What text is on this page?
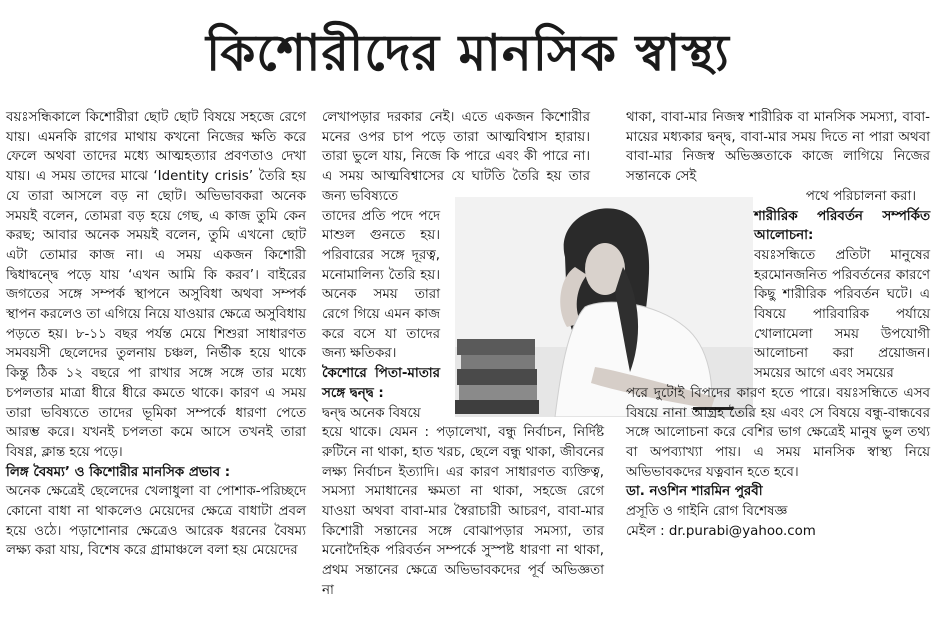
কিশোরীদের মানসিক স্বাস্থ্য

বয়ঃসন্ধিকালে কিশোরীরা ছোট ছোট বিষয়ে সহজে রেগে যায়। এমনকি রাগের মাথায় কখনো নিজের ক্ষতি করে ফেলে অথবা তাদের মধ্যে আত্মহত্যার প্রবণতাও দেখা যায়। এ সময় তাদের মাঝে ‘Identity crisis’ তৈরি হয় যে তারা আসলে বড় না ছোট। অভিভাবকরা অনেক সময়ই বলেন, তোমরা বড় হয়ে গেছ, এ কাজ তুমি কেন করছ; আবার অনেক সময়ই বলেন, তুমি এখনো ছোট এটা তোমার কাজ না। এ সময় একজন কিশোরী দ্বিধাদ্বন্দ্বে পড়ে যায় ‘এখন আমি কি করব’। বাইরের জগতের সঙ্গে সম্পর্ক স্থাপনে অসুবিধা অথবা সম্পর্ক স্থাপন করলেও তা এগিয়ে নিয়ে যাওয়ার ক্ষেত্রে অসুবিধায় পড়তে হয়। ৮-১১ বছর পর্যন্ত মেয়ে শিশুরা সাধারণত সমবয়সী ছেলেদের তুলনায় চঞ্চল, নির্ভীক হয়ে থাকে কিন্তু ঠিক ১২ বছরে পা রাখার সঙ্গে সঙ্গে তার মধ্যে চপলতার মাত্রা ধীরে ধীরে কমতে থাকে। কারণ এ সময় তারা ভবিষ্যতে তাদের ভূমিকা সম্পর্কে ধারণা পেতে আরম্ভ করে। যখনই চপলতা কমে আসে তখনই তারা বিষণ্ণ, ক্লান্ত হয়ে পড়ে।

লিঙ্গ বৈষম্য’ ও কিশোরীর মানসিক প্রভাব :

অনেক ক্ষেত্রেই ছেলেদের খেলাধুলা বা পোশাক-পরিচ্ছদে কোনো বাধা না থাকলেও মেয়েদের ক্ষেত্রে বাধাটা প্রবল হয়ে ওঠে। পড়াশোনার ক্ষেত্রেও আরেক ধরনের বৈষম্য লক্ষ্য করা যায়, বিশেষ করে গ্রামাঞ্চলে বলা হয় মেয়েদের

লেখাপড়ার দরকার নেই। এতে একজন কিশোরীর মনের ওপর চাপ পড়ে তারা আত্মবিশ্বাস হারায়। তারা ভুলে যায়, নিজে কি পারে এবং কী পারে না। এ সময় আত্মবিশ্বাসের যে ঘাটতি তৈরি হয় তার জন্য ভবিষ্যতে

তাদের প্রতি পদে পদে মাশুল গুনতে হয়। পরিবারের সঙ্গে দূরত্ব, মনোমালিন্য তৈরি হয়। অনেক সময় তারা রেগে গিয়ে এমন কাজ করে বসে যা তাদের জন্য ক্ষতিকর।

কৈশোরে পিতা-মাতার সঙ্গে দ্বন্দ্ব :

দ্বন্দ্ব অনেক বিষয়ে

হয়ে থাকে। যেমন : পড়ালেখা, বন্ধু নির্বাচন, নির্দিষ্ট রুটিনে না থাকা, হাত খরচ, ছেলে বন্ধু থাকা, জীবনের লক্ষ্য নির্বাচন ইত্যাদি। এর কারণ সাধারণত ব্যক্তিত্ব, সমস্যা সমাধানের ক্ষমতা না থাকা, সহজে রেগে যাওয়া অথবা বাবা-মার স্বৈরাচারী আচরণ, বাবা-মার কিশোরী সন্তানের সঙ্গে বোঝাপড়ার সমস্যা, তার মনোদৈহিক পরিবর্তন সম্পর্কে সুস্পষ্ট ধারণা না থাকা, প্রথম সন্তানের ক্ষেত্রে অভিভাবকদের পূর্ব অভিজ্ঞতা না

থাকা, বাবা-মার নিজস্ব শারীরিক বা মানসিক সমস্যা, বাবা-মায়ের মধ্যকার দ্বন্দ্ব, বাবা-মার সময় দিতে না পারা অথবা বাবা-মার নিজস্ব অভিজ্ঞতাকে কাজে লাগিয়ে নিজের সন্তানকে সেই

পথে পরিচালনা করা।

শারীরিক পরিবর্তন সম্পর্কিত আলোচনা:

বয়ঃসন্ধিতে প্রতিটা মানুষের হরমোনজনিত পরিবর্তনের কারণে কিছু শারীরিক পরিবর্তন ঘটে। এ বিষয়ে পারিবারিক পর্যায়ে খোলামেলা সময় উপযোগী আলোচনা করা প্রয়োজন। সময়ের আগে এবং সময়ের

পরে দুটোই বিপদের কারণ হতে পারে। বয়ঃসন্ধিতে এসব বিষয়ে নানা আগ্রহ তৈরি হয় এবং সে বিষয়ে বন্ধু-বান্ধবের সঙ্গে আলোচনা করে বেশির ভাগ ক্ষেত্রেই মানুষ ভুল তথ্য বা অপব্যাখ্যা পায়। এ সময় মানসিক স্বাস্থ্য নিয়ে অভিভাবকদের যত্নবান হতে হবে।

ডা. নওশিন শারমিন পুরবী

প্রসূতি ও গাইনি রোগ বিশেষজ্ঞ

মেইল : dr.purabi@yahoo.com
